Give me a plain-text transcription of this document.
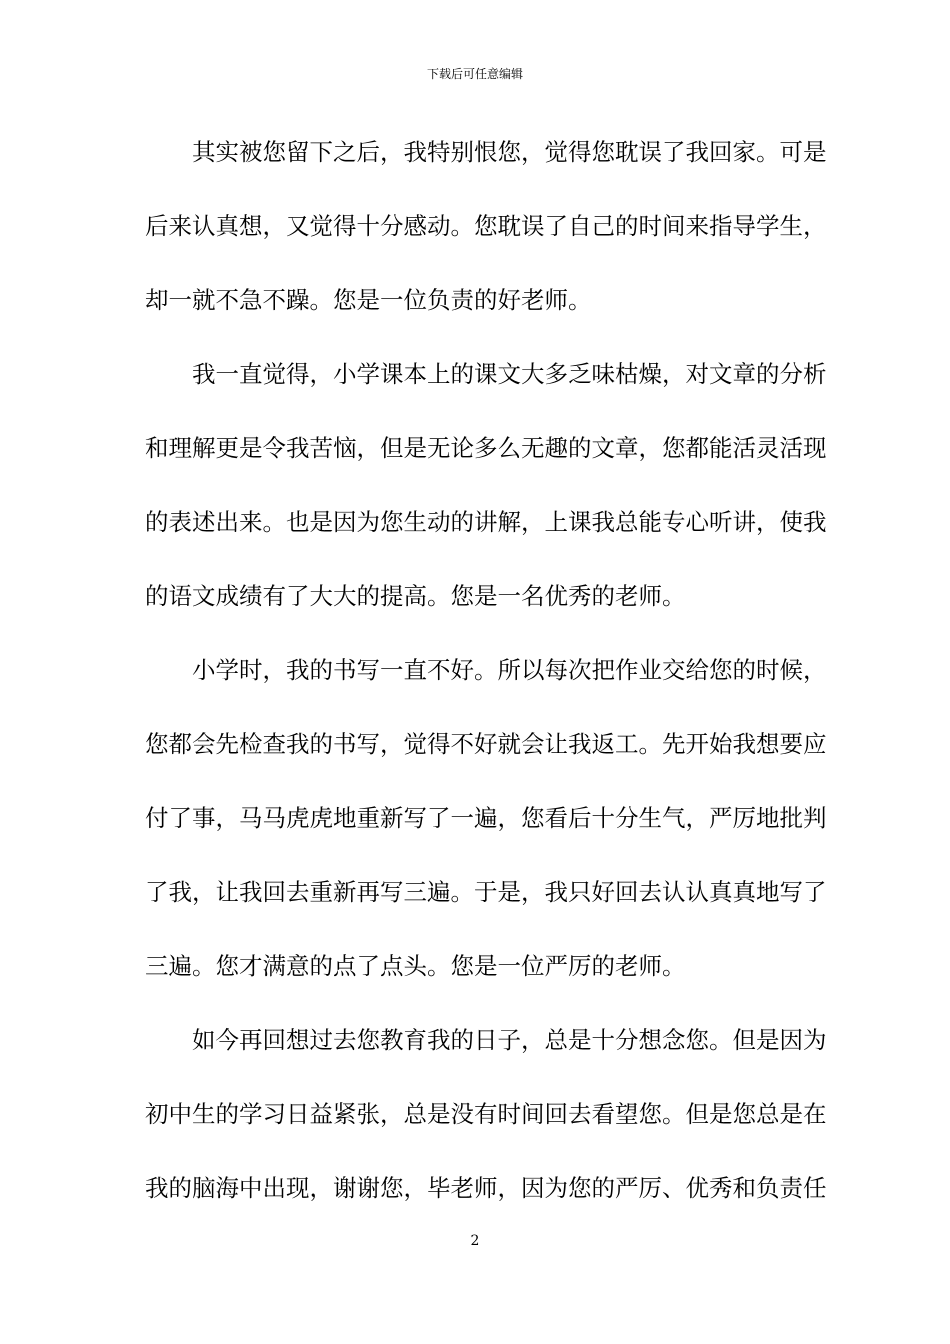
下载后可任意编辑
其实被您留下之后，我特别恨您，觉得您耽误了我回家。可是
后来认真想，又觉得十分感动。您耽误了自己的时间来指导学生，
却一就不急不躁。您是一位负责的好老师。
我一直觉得，小学课本上的课文大多乏味枯燥，对文章的分析
和理解更是令我苦恼，但是无论多么无趣的文章，您都能活灵活现
的表述出来。也是因为您生动的讲解，上课我总能专心听讲，使我
的语文成绩有了大大的提高。您是一名优秀的老师。
小学时，我的书写一直不好。所以每次把作业交给您的时候，
您都会先检查我的书写，觉得不好就会让我返工。先开始我想要应
付了事，马马虎虎地重新写了一遍，您看后十分生气，严厉地批判
了我，让我回去重新再写三遍。于是，我只好回去认认真真地写了
三遍。您才满意的点了点头。您是一位严厉的老师。
如今再回想过去您教育我的日子，总是十分想念您。但是因为
初中生的学习日益紧张，总是没有时间回去看望您。但是您总是在
我的脑海中出现，谢谢您，毕老师，因为您的严厉、优秀和负责任
2
